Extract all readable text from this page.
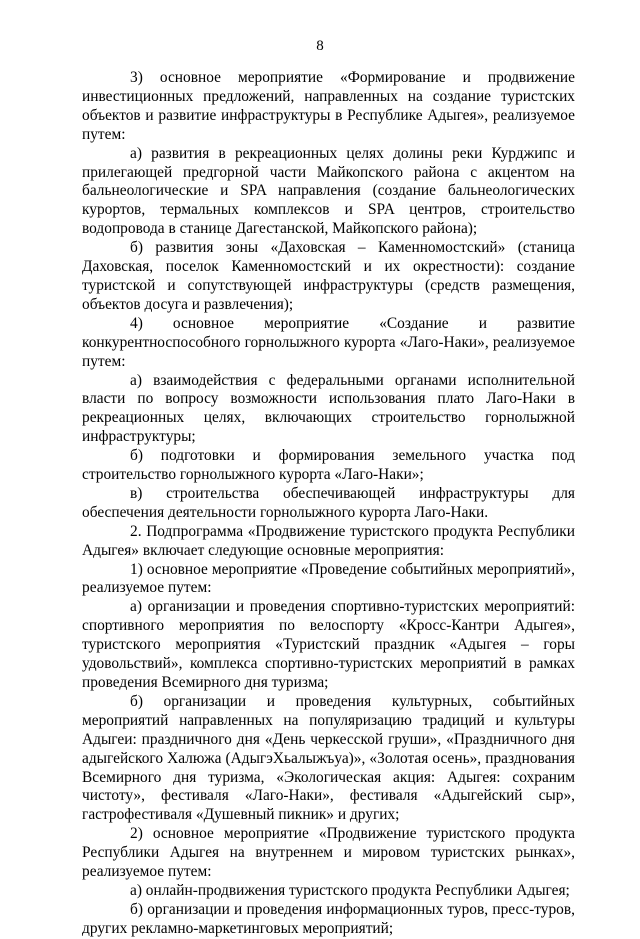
8

3) основное мероприятие «Формирование и продвижение инвестиционных предложений, направленных на создание туристских объектов и развитие инфраструктуры в Республике Адыгея», реализуемое путем:

а) развития в рекреационных целях долины реки Курджипс и прилегающей предгорной части Майкопского района с акцентом на бальнеологические и SPA направления (создание бальнеологических курортов, термальных комплексов и SPA центров, строительство водопровода в станице Дагестанской, Майкопского района);

б) развития зоны «Даховская – Каменномостский» (станица Даховская, поселок Каменномостский и их окрестности): создание туристской и сопутствующей инфраструктуры (средств размещения, объектов досуга и развлечения);

4) основное мероприятие «Создание и развитие конкурентноспособного горнолыжного курорта «Лаго-Наки», реализуемое путем:

а) взаимодействия с федеральными органами исполнительной власти по вопросу возможности использования плато Лаго-Наки в рекреационных целях, включающих строительство горнолыжной инфраструктуры;

б) подготовки и формирования земельного участка под строительство горнолыжного курорта «Лаго-Наки»;

в) строительства обеспечивающей инфраструктуры для обеспечения деятельности горнолыжного курорта Лаго-Наки.

2. Подпрограмма «Продвижение туристского продукта Республики Адыгея» включает следующие основные мероприятия:

1) основное мероприятие «Проведение событийных мероприятий», реализуемое путем:

а) организации и проведения спортивно-туристских мероприятий: спортивного мероприятия по велоспорту «Кросс-Кантри Адыгея», туристского мероприятия «Туристский праздник «Адыгея – горы удовольствий», комплекса спортивно-туристских мероприятий в рамках проведения Всемирного дня туризма;

б) организации и проведения культурных, событийных мероприятий направленных на популяризацию традиций и культуры Адыгеи: праздничного дня «День черкесской груши», «Праздничного дня адыгейского Халюжа (АдыгэХьалыжъуа)», «Золотая осень», празднования Всемирного дня туризма, «Экологическая акция: Адыгея: сохраним чистоту», фестиваля «Лаго-Наки», фестиваля «Адыгейский сыр», гастрофестиваля «Душевный пикник» и других;

2) основное мероприятие «Продвижение туристского продукта Республики Адыгея на внутреннем и мировом туристских рынках», реализуемое путем:

а) онлайн-продвижения туристского продукта Республики Адыгея;

б) организации и проведения информационных туров, пресс-туров, других рекламно-маркетинговых мероприятий;
